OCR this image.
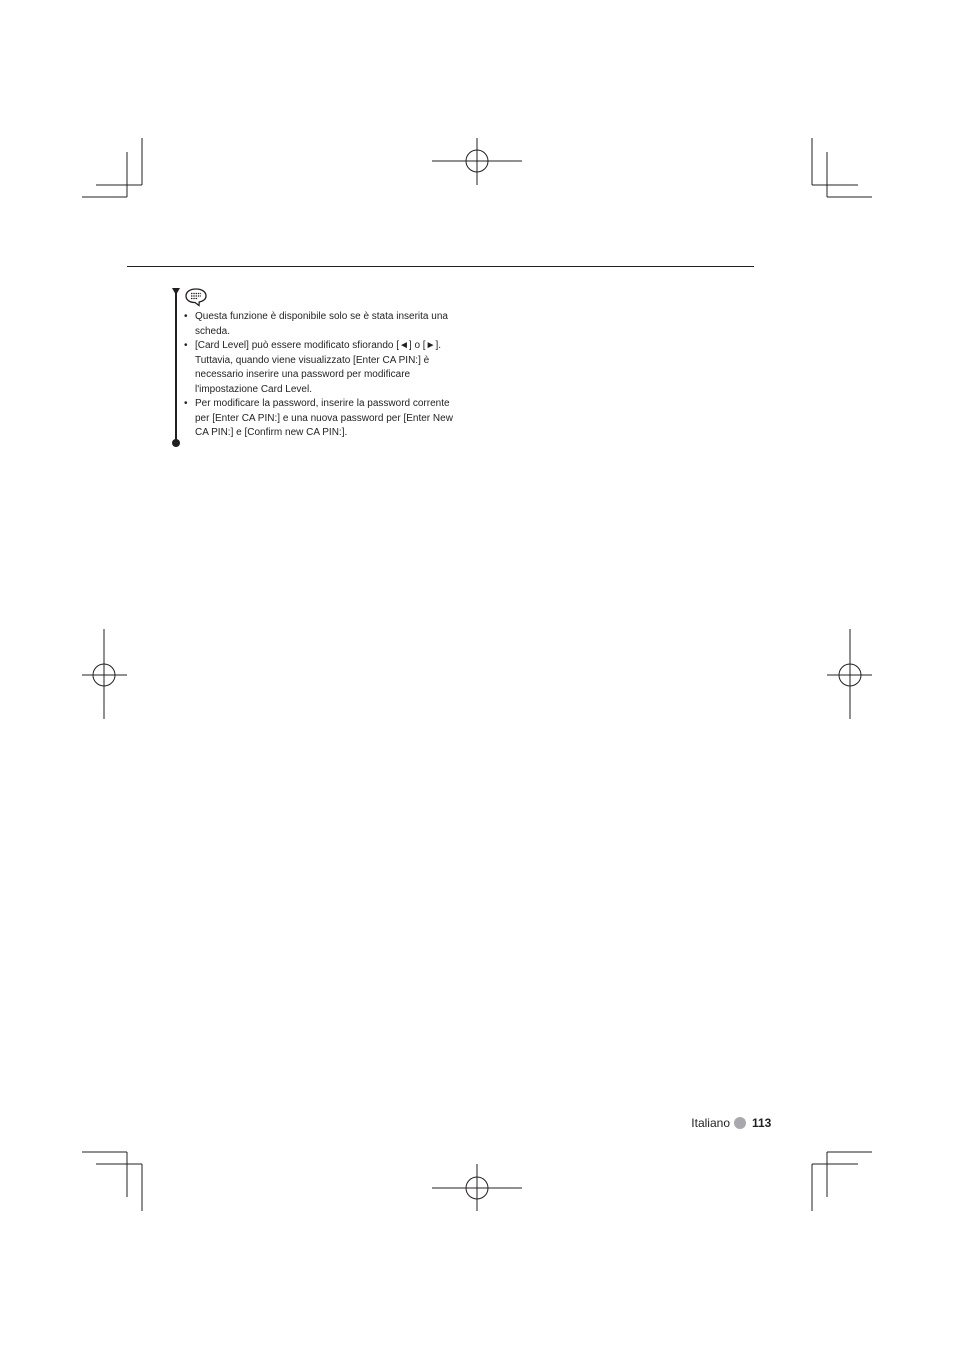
• Questa funzione è disponibile solo se è stata inserita una scheda.
• [Card Level] può essere modificato sfiorando [◄] o [►]. Tuttavia, quando viene visualizzato [Enter CA PIN:] è necessario inserire una password per modificare l'impostazione Card Level.
• Per modificare la password, inserire la password corrente per [Enter CA PIN:] e una nuova password per [Enter New CA PIN:] e [Confirm new CA PIN:].
Italiano 113
